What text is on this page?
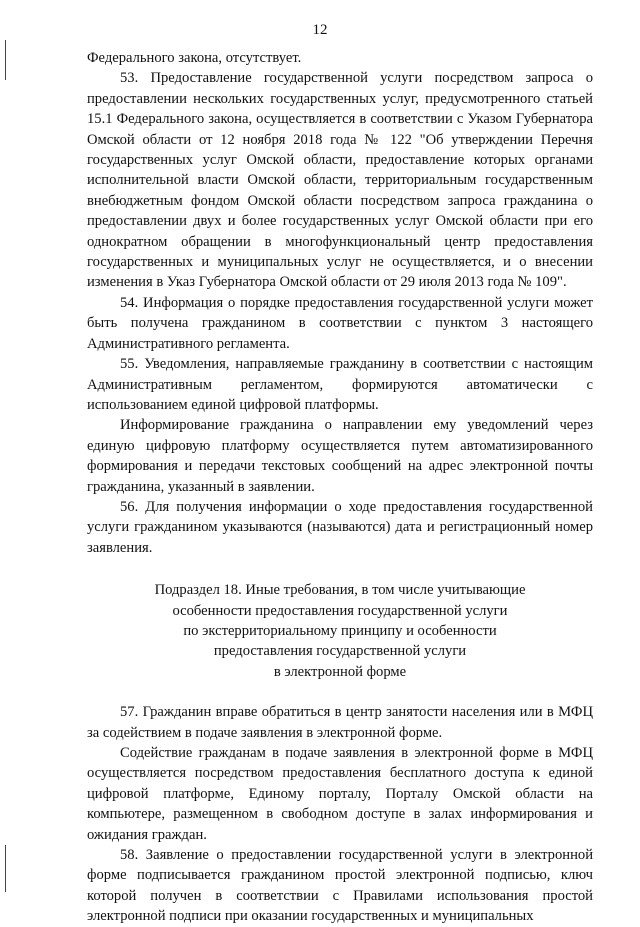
12

Федерального закона, отсутствует.

53. Предоставление государственной услуги посредством запроса о предоставлении нескольких государственных услуг, предусмотренного статьей 15.1 Федерального закона, осуществляется в соответствии с Указом Губернатора Омской области от 12 ноября 2018 года № 122 "Об утверждении Перечня государственных услуг Омской области, предоставление которых органами исполнительной власти Омской области, территориальным государственным внебюджетным фондом Омской области посредством запроса гражданина о предоставлении двух и более государственных услуг Омской области при его однократном обращении в многофункциональный центр предоставления государственных и муниципальных услуг не осуществляется, и о внесении изменения в Указ Губернатора Омской области от 29 июля 2013 года № 109".

54. Информация о порядке предоставления государственной услуги может быть получена гражданином в соответствии с пунктом 3 настоящего Административного регламента.

55. Уведомления, направляемые гражданину в соответствии с настоящим Административным регламентом, формируются автоматически с использованием единой цифровой платформы.

Информирование гражданина о направлении ему уведомлений через единую цифровую платформу осуществляется путем автоматизированного формирования и передачи текстовых сообщений на адрес электронной почты гражданина, указанный в заявлении.

56. Для получения информации о ходе предоставления государственной услуги гражданином указываются (называются) дата и регистрационный номер заявления.

Подраздел 18. Иные требования, в том числе учитывающие
особенности предоставления государственной услуги
по экстерриториальному принципу и особенности
предоставления государственной услуги
в электронной форме

57. Гражданин вправе обратиться в центр занятости населения или в МФЦ за содействием в подаче заявления в электронной форме.

Содействие гражданам в подаче заявления в электронной форме в МФЦ осуществляется посредством предоставления бесплатного доступа к единой цифровой платформе, Единому порталу, Порталу Омской области на компьютере, размещенном в свободном доступе в залах информирования и ожидания граждан.

58. Заявление о предоставлении государственной услуги в электронной форме подписывается гражданином простой электронной подписью, ключ которой получен в соответствии с Правилами использования простой электронной подписи при оказании государственных и муниципальных
